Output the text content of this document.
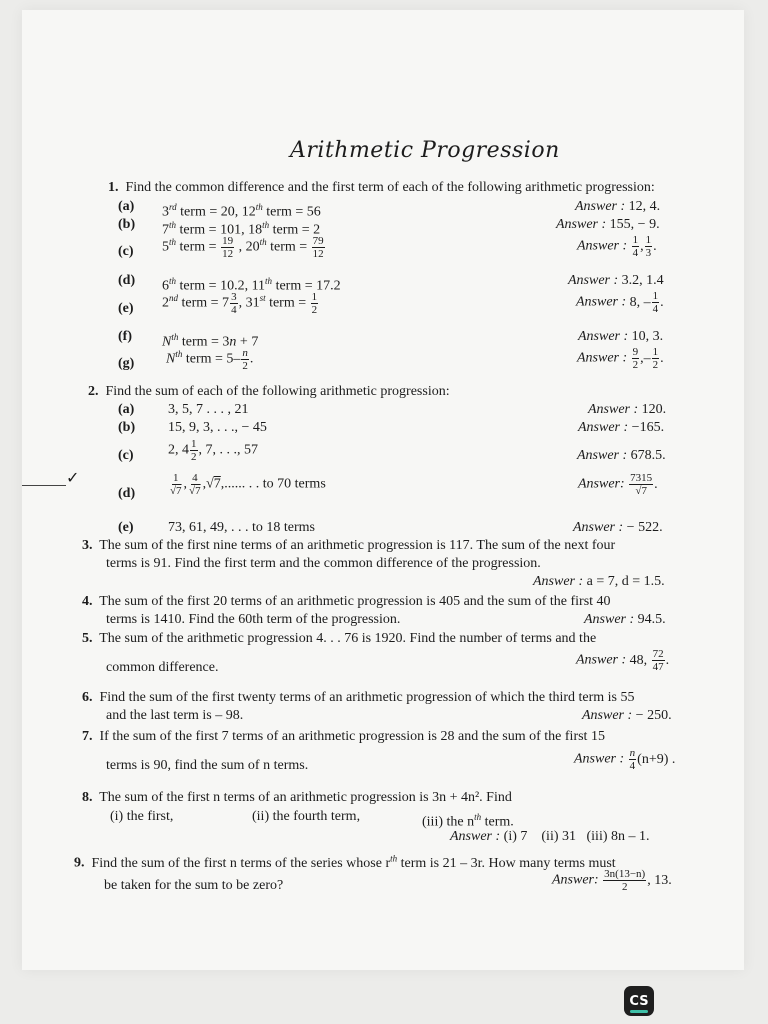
Arithmetic Progression
1. Find the common difference and the first term of each of the following arithmetic progression:
(a) 3rd term = 20, 12th term = 56	Answer : 12, 4.
(b) 7th term = 101, 18th term = 2	Answer : 155, − 9.
(c) 5th term = $\frac{19}{12}$ , 20th term = $\frac{79}{12}$	Answer : $\frac{1}{4}$ , $\frac{1}{3}$ .
(d) 6th term = 10.2, 11th term = 17.2	Answer : 3.2, 1.4
(e) 2nd term = $7 \frac{3}{4}$ , 31st term = $\frac{1}{2}$	Answer : 8, – $\frac{1}{4}$ .
(f) $N^{th}$ term = 3n + 7	Answer : 10, 3.
(g) $N^{th}$ term = $5- \frac{n}{2}$ .	Answer : $\frac{9}{2}$ ,– $\frac{1}{2}$ .
2. Find the sum of each of the following arithmetic progression:
(a) 3, 5, 7 . . . , 21	Answer : 120.
(b) 15, 9, 3, . . ., − 45	Answer : −165.
(c) 2, $4 \frac{1}{2}$ , 7, . . ., 57	Answer : 678.5.
(d)	$\frac{1}{√7}$ , $\frac{4}{√7} ,√7$,...... . . to 70 terms	Answer: $\frac{7315}{√7}$ .
(e) 73, 61, 49, . . . to 18 terms	Answer : − 522.
3. The sum of the first nine terms of an arithmetic progression is 117. The sum of the next four
terms is 91. Find the first term and the common difference of the progression.
Answer : a = 7, d = 1.5.
4. The sum of the first 20 terms of an arithmetic progression is 405 and the sum of the first 40
terms is 1410. Find the 60th term of the progression.	Answer : 94.5.
5. The sum of the arithmetic progression 4. . . 76 is 1920. Find the number of terms and the
common difference.	Answer : 48, $\frac{72}{47}$ .
6. Find the sum of the first twenty terms of an arithmetic progression of which the third term is 55
and the last term is – 98.	Answer : − 250.
7. If the sum of the first 7 terms of an arithmetic progression is 28 and the sum of the first 15
terms is 90, find the sum of n terms.	Answer : $\frac{n}{4} (n+9)$ .
8. The sum of the first n terms of an arithmetic progression is 3n + 4n². Find
(i) the first,	(ii) the fourth term,	(iii) the $n^{th}$ term.
Answer : (i) 7 (ii) 31 (iii) 8n – 1.
9. Find the sum of the first n terms of the series whose $r^{th}$ term is 21 – 3r. How many terms must
be taken for the sum to be zero?	Answer: $\frac{3n(13-n)}{2}$ , 13.
✓
CS
